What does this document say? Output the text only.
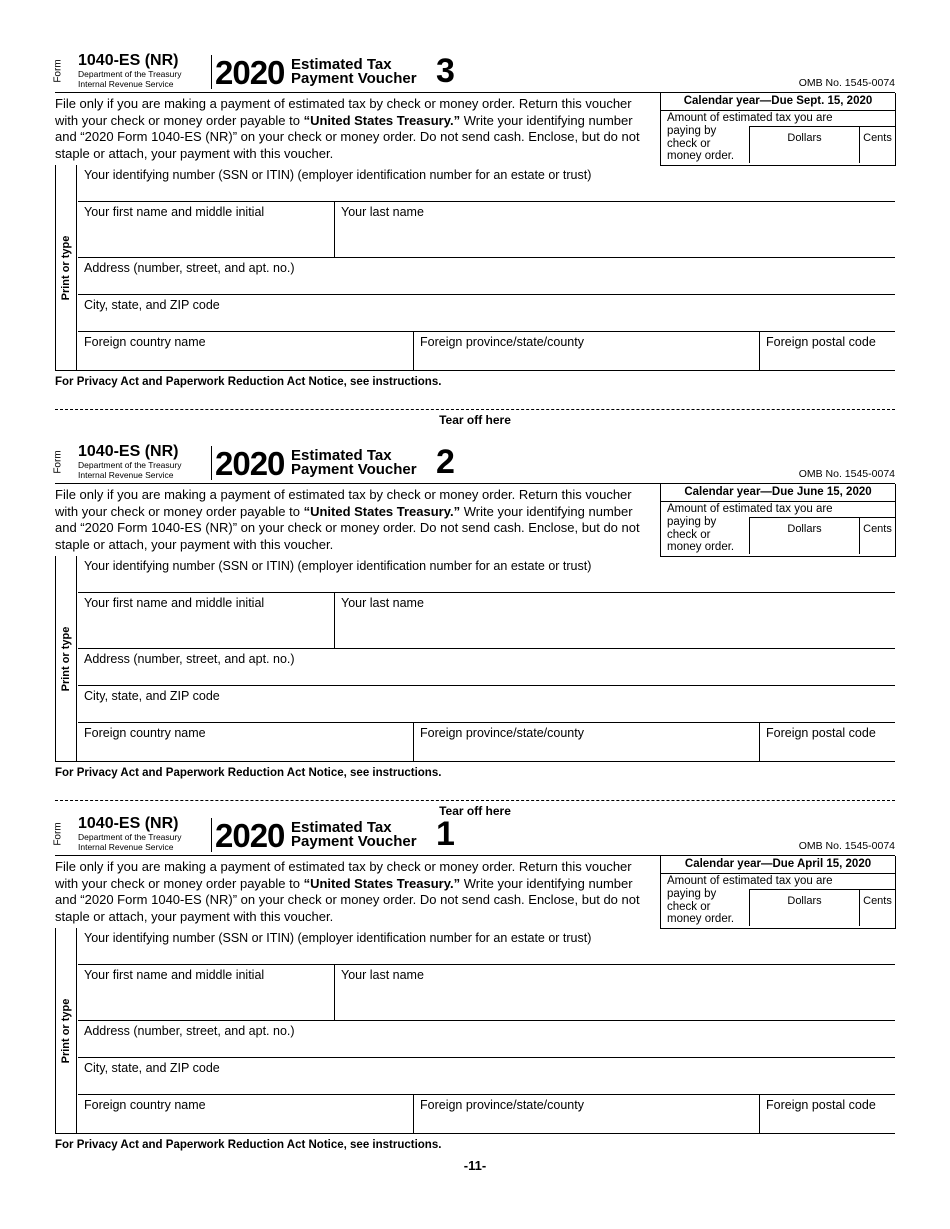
Form 1040-ES (NR)
Department of the Treasury
Internal Revenue Service 2020 Estimated Tax
Payment Voucher 3	OMB No. 1545-0074
File only if you are making a payment of estimated tax by check or money order. Return this voucher with your check or money order payable to “United States Treasury.” Write your identifying number and “2020 Form 1040-ES (NR)” on your check or money order. Do not send cash. Enclose, but do not staple or attach, your payment with this voucher.
Calendar year—Due Sept. 15, 2020
Amount of estimated tax you are
paying by
check or
money order.
Dollars	Cents
Print or type
Your identifying number (SSN or ITIN) (employer identification number for an estate or trust)
Your first name and middle initial	Your last name
Address (number, street, and apt. no.)
City, state, and ZIP code
Foreign country name	Foreign province/state/county	Foreign postal code
For Privacy Act and Paperwork Reduction Act Notice, see instructions.
Tear off here
Form 1040-ES (NR)
Department of the Treasury
Internal Revenue Service 2020 Estimated Tax
Payment Voucher 2	OMB No. 1545-0074
File only if you are making a payment of estimated tax by check or money order. Return this voucher with your check or money order payable to “United States Treasury.” Write your identifying number and “2020 Form 1040-ES (NR)” on your check or money order. Do not send cash. Enclose, but do not staple or attach, your payment with this voucher.
Calendar year—Due June 15, 2020
Amount of estimated tax you are
paying by
check or
money order.
Dollars	Cents
Print or type
Your identifying number (SSN or ITIN) (employer identification number for an estate or trust)
Your first name and middle initial	Your last name
Address (number, street, and apt. no.)
City, state, and ZIP code
Foreign country name	Foreign province/state/county	Foreign postal code
For Privacy Act and Paperwork Reduction Act Notice, see instructions.
Tear off here
Form 1040-ES (NR)
Department of the Treasury
Internal Revenue Service 2020 Estimated Tax
Payment Voucher 1	OMB No. 1545-0074
File only if you are making a payment of estimated tax by check or money order. Return this voucher with your check or money order payable to “United States Treasury.” Write your identifying number and “2020 Form 1040-ES (NR)” on your check or money order. Do not send cash. Enclose, but do not staple or attach, your payment with this voucher.
Calendar year—Due April 15, 2020
Amount of estimated tax you are
paying by
check or
money order.
Dollars	Cents
Print or type
Your identifying number (SSN or ITIN) (employer identification number for an estate or trust)
Your first name and middle initial	Your last name
Address (number, street, and apt. no.)
City, state, and ZIP code
Foreign country name	Foreign province/state/county	Foreign postal code
For Privacy Act and Paperwork Reduction Act Notice, see instructions.
-11-
